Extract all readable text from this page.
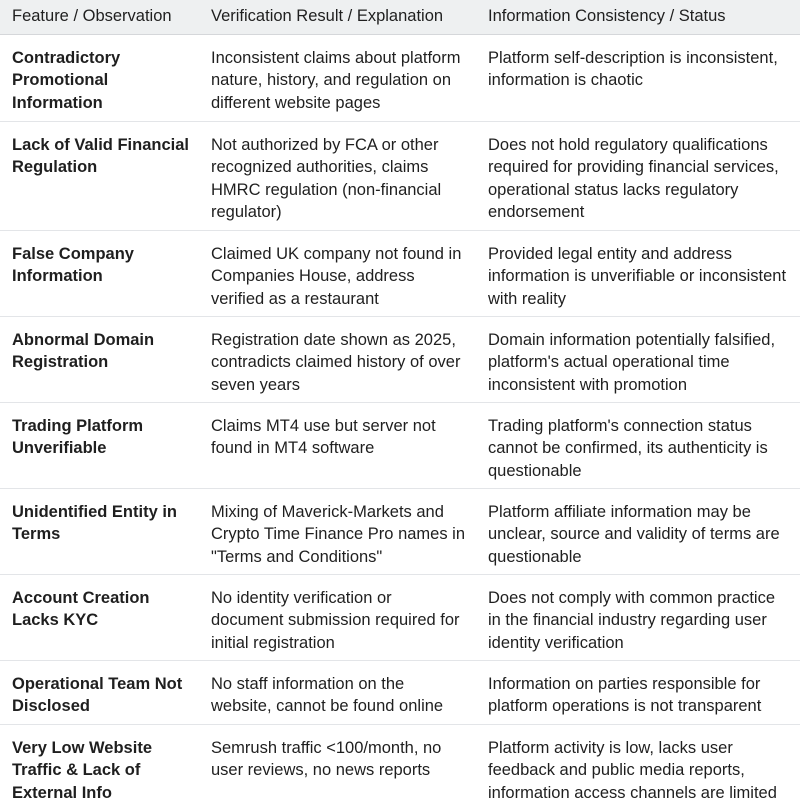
Feature / Observation	Verification Result / Explanation	Information Consistency / Status
Contradictory Promotional Information	Inconsistent claims about platform nature, history, and regulation on different website pages	Platform self-description is inconsistent, information is chaotic
Lack of Valid Financial Regulation	Not authorized by FCA or other recognized authorities, claims HMRC regulation (non-financial regulator)	Does not hold regulatory qualifications required for providing financial services, operational status lacks regulatory endorsement
False Company Information	Claimed UK company not found in Companies House, address verified as a restaurant	Provided legal entity and address information is unverifiable or inconsistent with reality
Abnormal Domain Registration	Registration date shown as 2025, contradicts claimed history of over seven years	Domain information potentially falsified, platform's actual operational time inconsistent with promotion
Trading Platform Unverifiable	Claims MT4 use but server not found in MT4 software	Trading platform's connection status cannot be confirmed, its authenticity is questionable
Unidentified Entity in Terms	Mixing of Maverick-Markets and Crypto Time Finance Pro names in "Terms and Conditions"	Platform affiliate information may be unclear, source and validity of terms are questionable
Account Creation Lacks KYC	No identity verification or document submission required for initial registration	Does not comply with common practice in the financial industry regarding user identity verification
Operational Team Not Disclosed	No staff information on the website, cannot be found online	Information on parties responsible for platform operations is not transparent
Very Low Website Traffic & Lack of External Info	Semrush traffic <100/month, no user reviews, no news reports	Platform activity is low, lacks user feedback and public media reports, information access channels are limited
